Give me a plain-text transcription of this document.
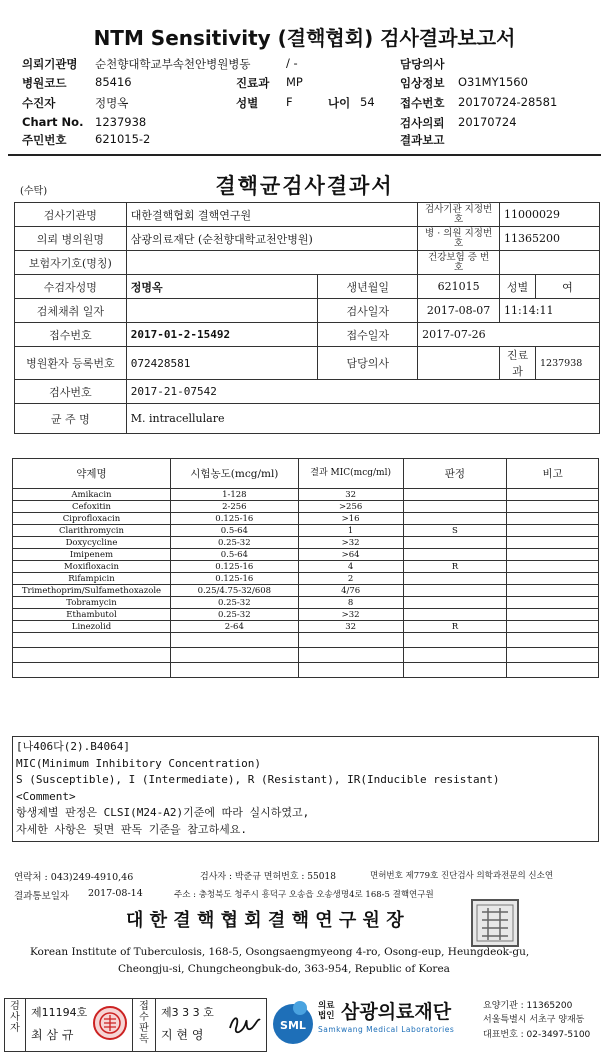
NTM Sensitivity (결핵협회) 검사결과보고서
의뢰기관명 순천향대학교부속천안병원병동	/ -	담당의사
병원코드 85416	진료과 MP	임상정보 O31MY1560
수진자	정명옥	성별 F	나이 54 접수번호 20170724-28581
Chart No. 1237938	검사의뢰 20170724
주민번호 621015-2	결과보고
(수탁)	결핵균검사결과서
검사기관명	대한결핵협회 결핵연구원		검사기관 지정번호	11000029	
의뢰 병의원명	삼광의료재단 (순천향대학교천안병원)		병 · 의원 지정번호	11365200	
보험자기호(명칭)			건강보험 증 번 호		
수검자성명	정명옥	생년월일	621015	성별	여
검체채취 일자		검사일자	2017-08-07	11:14:11	
접수번호	2017-01-2-15492	접수일자	2017-07-26		
병원환자 등록번호	072428581	담당의사		진료과	1237938
검사번호	2017-21-07542				
균 주 명	M. intracellulare				
약제명	시험농도(mcg/ml)	결과 MIC(mcg/ml)	판정	비고
Amikacin	1-128	32		
Cefoxitin	2-256	>256		
Ciprofloxacin	0.125-16	>16		
Clarithromycin	0.5-64	1	S	
Doxycycline	0.25-32	>32		
Imipenem	0.5-64	>64		
Moxifloxacin	0.125-16	4	R	
Rifampicin	0.125-16	2		
Trimethoprim/Sulfamethoxazole	0.25/4.75-32/608	4/76		
Tobramycin	0.25-32	8		
Ethambutol	0.25-32	>32		
Linezolid	2-64	32	R	

[나406다(2).B4064]
MIC(Minimum Inhibitory Concentration)
S (Susceptible), I (Intermediate), R (Resistant), IR(Inducible resistant)
<Comment>
항생제별 판정은 CLSI(M24-A2)기준에 따라 실시하였고,
자세한 사항은 뒷면 판독 기준을 참고하세요.
연락처 : 043)249-4910,46	검사자 : 박준규 면허번호 : 55018	면허번호 제779호 진단검사 의학과전문의 신소연
결과통보일자 2017-08-14	주소 : 충청북도 청주시 흥덕구 오송읍 오송생명4로 168-5 결핵연구원
대 한 결 핵 협 회 결 핵 연 구 원 장
Korean Institute of Tuberculosis, 168-5, Osongsaengmyeong 4-ro, Osong-eup, Heungdeok-gu,
Cheongju-si, Chungcheongbuk-do, 363-954, Republic of Korea
검사자
제11194호
최 삼 규
접수판독
제3 3 3 호
지 현 영
SML
의료법인 삼광의료재단
Samkwang Medical Laboratories
요양기관 : 11365200
서울특별시 서초구 양재동
대표번호 : 02-3497-5100
